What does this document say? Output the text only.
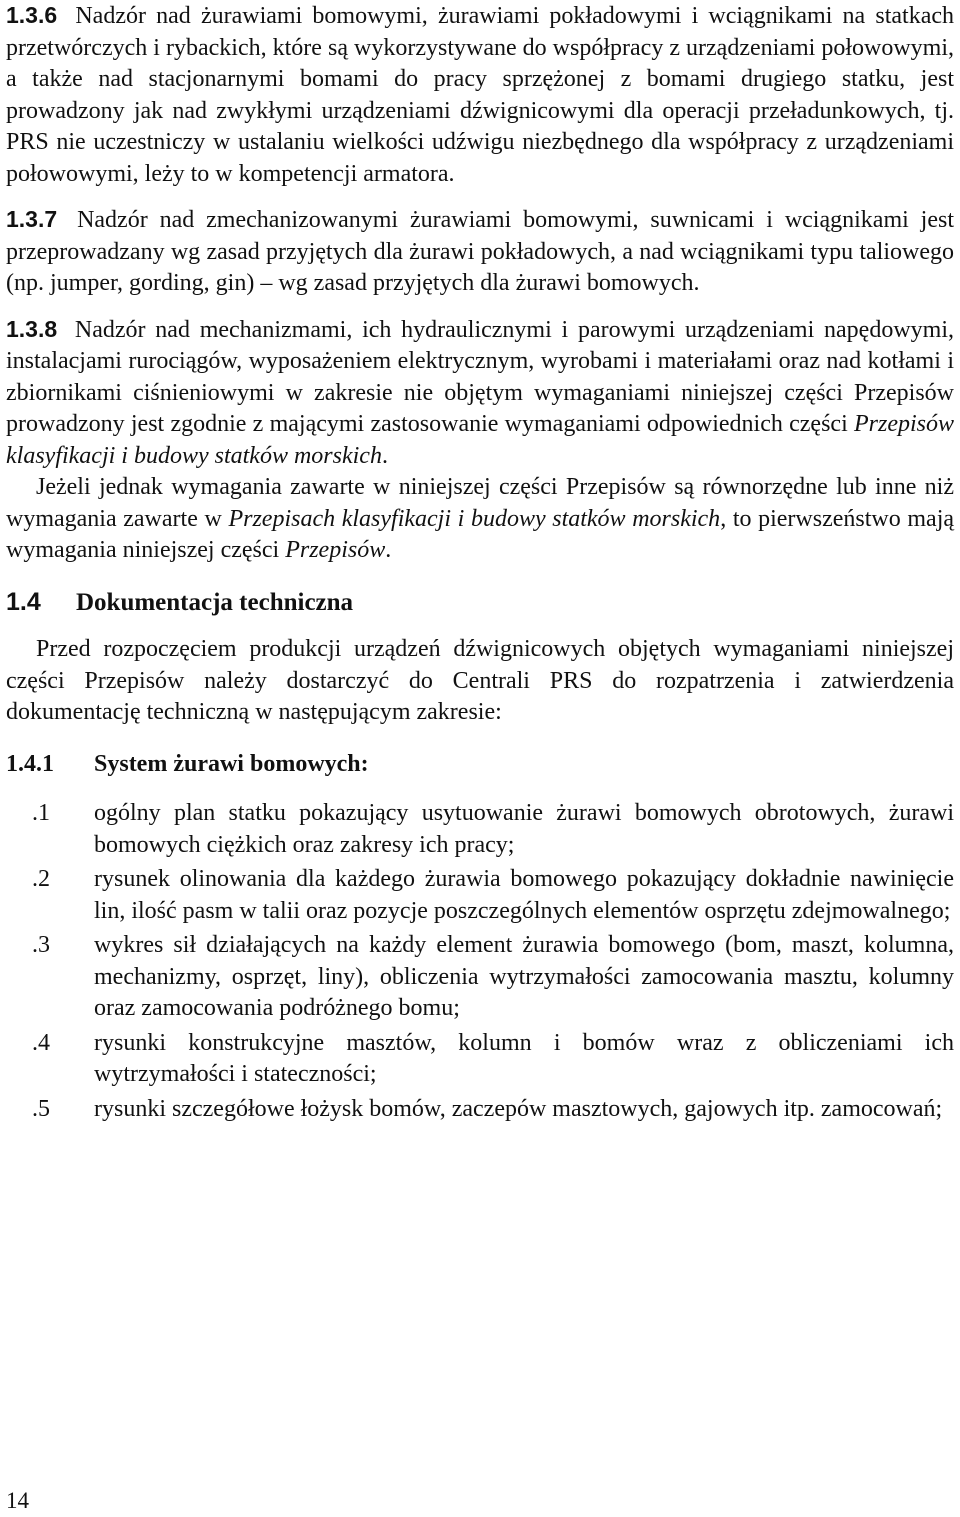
1.3.6 Nadzór nad żurawiami bomowymi, żurawiami pokładowymi i wciągnikami na statkach przetwórczych i rybackich, które są wykorzystywane do współpracy z urządzeniami połowowymi, a także nad stacjonarnymi bomami do pracy sprzężonej z bomami drugiego statku, jest prowadzony jak nad zwykłymi urządzeniami dźwignicowymi dla operacji przeładunkowych, tj. PRS nie uczestniczy w ustalaniu wielkości udźwigu niezbędnego dla współpracy z urządzeniami połowowymi, leży to w kompetencji armatora.

1.3.7 Nadzór nad zmechanizowanymi żurawiami bomowymi, suwnicami i wciągnikami jest przeprowadzany wg zasad przyjętych dla żurawi pokładowych, a nad wciągnikami typu taliowego (np. jumper, gording, gin) – wg zasad przyjętych dla żurawi bomowych.

1.3.8 Nadzór nad mechanizmami, ich hydraulicznymi i parowymi urządzeniami napędowymi, instalacjami rurociągów, wyposażeniem elektrycznym, wyrobami i materiałami oraz nad kotłami i zbiornikami ciśnieniowymi w zakresie nie objętym wymaganiami niniejszej części Przepisów prowadzony jest zgodnie z mającymi zastosowanie wymaganiami odpowiednich części Przepisów klasyfikacji i budowy statków morskich.

Jeżeli jednak wymagania zawarte w niniejszej części Przepisów są równorzędne lub inne niż wymagania zawarte w Przepisach klasyfikacji i budowy statków morskich, to pierwszeństwo mają wymagania niniejszej części Przepisów.

1.4 Dokumentacja techniczna

Przed rozpoczęciem produkcji urządzeń dźwignicowych objętych wymaganiami niniejszej części Przepisów należy dostarczyć do Centrali PRS do rozpatrzenia i zatwierdzenia dokumentację techniczną w następującym zakresie:

1.4.1 System żurawi bomowych:
.1 ogólny plan statku pokazujący usytuowanie żurawi bomowych obrotowych, żurawi bomowych ciężkich oraz zakresy ich pracy;
.2 rysunek olinowania dla każdego żurawia bomowego pokazujący dokładnie nawinięcie lin, ilość pasm w talii oraz pozycje poszczególnych elementów osprzętu zdejmowalnego;
.3 wykres sił działających na każdy element żurawia bomowego (bom, maszt, kolumna, mechanizmy, osprzęt, liny), obliczenia wytrzymałości zamocowania masztu, kolumny oraz zamocowania podróżnego bomu;
.4 rysunki konstrukcyjne masztów, kolumn i bomów wraz z obliczeniami ich wytrzymałości i stateczności;
.5 rysunki szczegółowe łożysk bomów, zaczepów masztowych, gajowych itp. zamocowań;
14
